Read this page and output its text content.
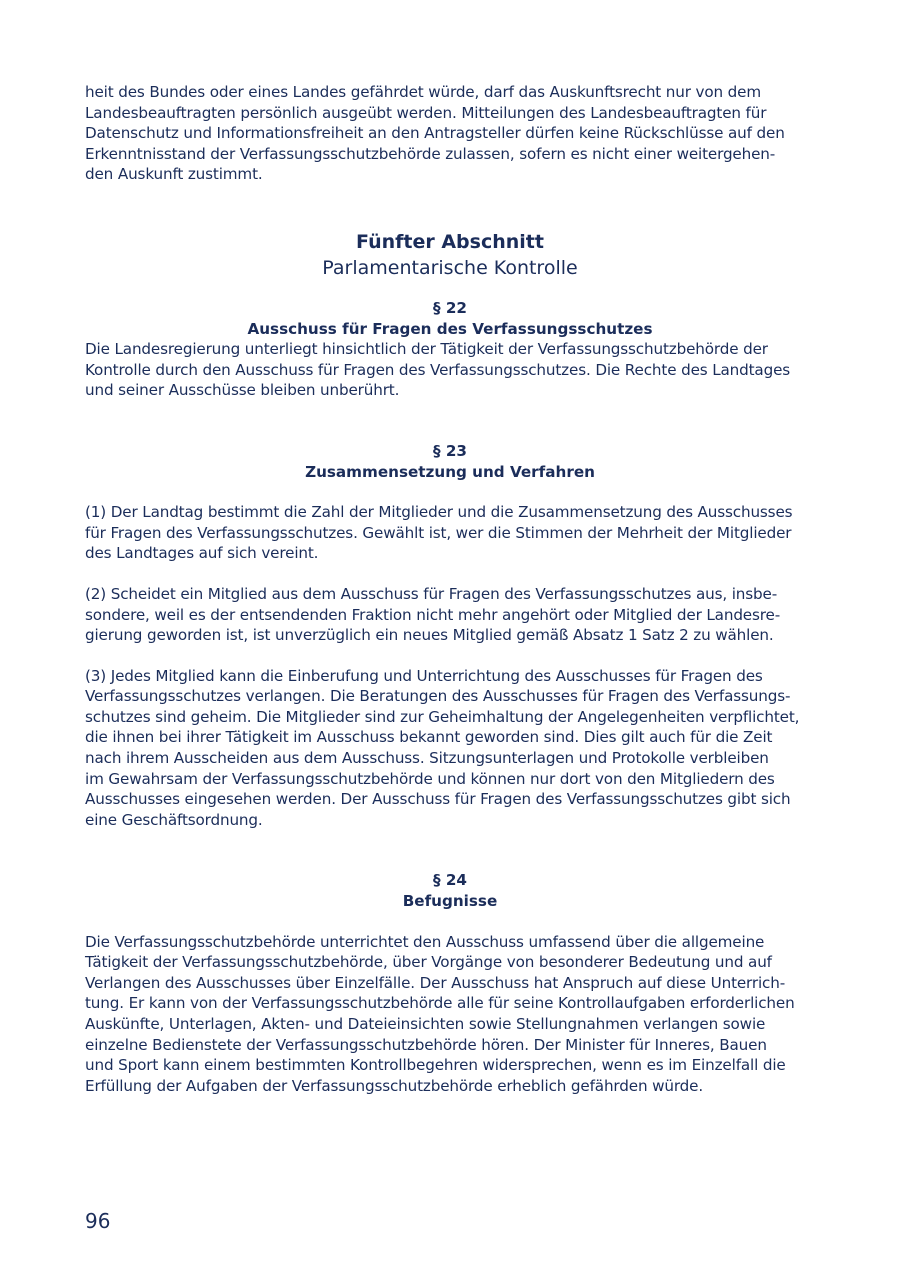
heit des Bundes oder eines Landes gefährdet würde, darf das Auskunftsrecht nur von dem
Landesbeauftragten persönlich ausgeübt werden. Mitteilungen des Landesbeauftragten für
Datenschutz und Informationsfreiheit an den Antragsteller dürfen keine Rückschlüsse auf den
Erkenntnisstand der Verfassungsschutzbehörde zulassen, sofern es nicht einer weitergehen-
den Auskunft zustimmt.

Fünfter Abschnitt
Parlamentarische Kontrolle
§ 22
Ausschuss für Fragen des Verfassungsschutzes

Die Landesregierung unterliegt hinsichtlich der Tätigkeit der Verfassungsschutzbehörde der
Kontrolle durch den Ausschuss für Fragen des Verfassungsschutzes. Die Rechte des Landtages
und seiner Ausschüsse bleiben unberührt.

§ 23
Zusammensetzung und Verfahren

(1) Der Landtag bestimmt die Zahl der Mitglieder und die Zusammensetzung des Ausschusses
für Fragen des Verfassungsschutzes. Gewählt ist, wer die Stimmen der Mehrheit der Mitglieder
des Landtages auf sich vereint.

(2) Scheidet ein Mitglied aus dem Ausschuss für Fragen des Verfassungsschutzes aus, insbe-
sondere, weil es der entsendenden Fraktion nicht mehr angehört oder Mitglied der Landesre-
gierung geworden ist, ist unverzüglich ein neues Mitglied gemäß Absatz 1 Satz 2 zu wählen.

(3) Jedes Mitglied kann die Einberufung und Unterrichtung des Ausschusses für Fragen des
Verfassungsschutzes verlangen. Die Beratungen des Ausschusses für Fragen des Verfassungs-
schutzes sind geheim. Die Mitglieder sind zur Geheimhaltung der Angelegenheiten verpflichtet,
die ihnen bei ihrer Tätigkeit im Ausschuss bekannt geworden sind. Dies gilt auch für die Zeit
nach ihrem Ausscheiden aus dem Ausschuss. Sitzungsunterlagen und Protokolle verbleiben
im Gewahrsam der Verfassungsschutzbehörde und können nur dort von den Mitgliedern des
Ausschusses eingesehen werden. Der Ausschuss für Fragen des Verfassungsschutzes gibt sich
eine Geschäftsordnung.

§ 24
Befugnisse

Die Verfassungsschutzbehörde unterrichtet den Ausschuss umfassend über die allgemeine
Tätigkeit der Verfassungsschutzbehörde, über Vorgänge von besonderer Bedeutung und auf
Verlangen des Ausschusses über Einzelfälle. Der Ausschuss hat Anspruch auf diese Unterrich-
tung. Er kann von der Verfassungsschutzbehörde alle für seine Kontrollaufgaben erforderlichen
Auskünfte, Unterlagen, Akten- und Dateieinsichten sowie Stellungnahmen verlangen sowie
einzelne Bedienstete der Verfassungsschutzbehörde hören. Der Minister für Inneres, Bauen
und Sport kann einem bestimmten Kontrollbegehren widersprechen, wenn es im Einzelfall die
Erfüllung der Aufgaben der Verfassungsschutzbehörde erheblich gefährden würde.

96
